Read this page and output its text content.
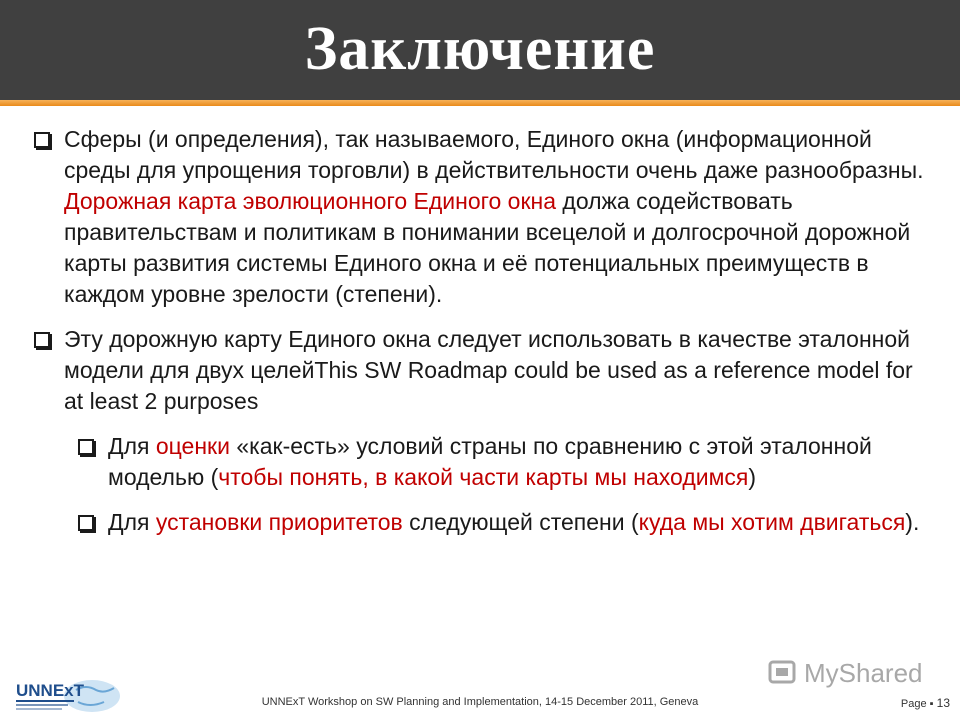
Заключение
Сферы (и определения), так называемого, Единого окна (информационной среды для упрощения торговли) в действительности очень даже разнообразны.
Дорожная карта эволюционного Единого окна должа содействовать правительствам и политикам в понимании всецелой и долгосрочной дорожной карты развития системы Единого окна и её потенциальных преимуществ в каждом уровне зрелости (степени).
Эту дорожную карту Единого окна следует использовать в качестве эталонной модели для двух целейThis SW Roadmap could be used as a reference model for at least 2 purposes
Для оценки «как-есть» условий страны по сравнению с этой эталонной моделью (чтобы понять, в какой части карты мы находимся)
Для установки приоритетов следующей степени (куда мы хотим двигаться).
UNNExT
MyShared
UNNExT Workshop on SW Planning and Implementation, 14-15 December 2011, Geneva	Page ▪ 13
